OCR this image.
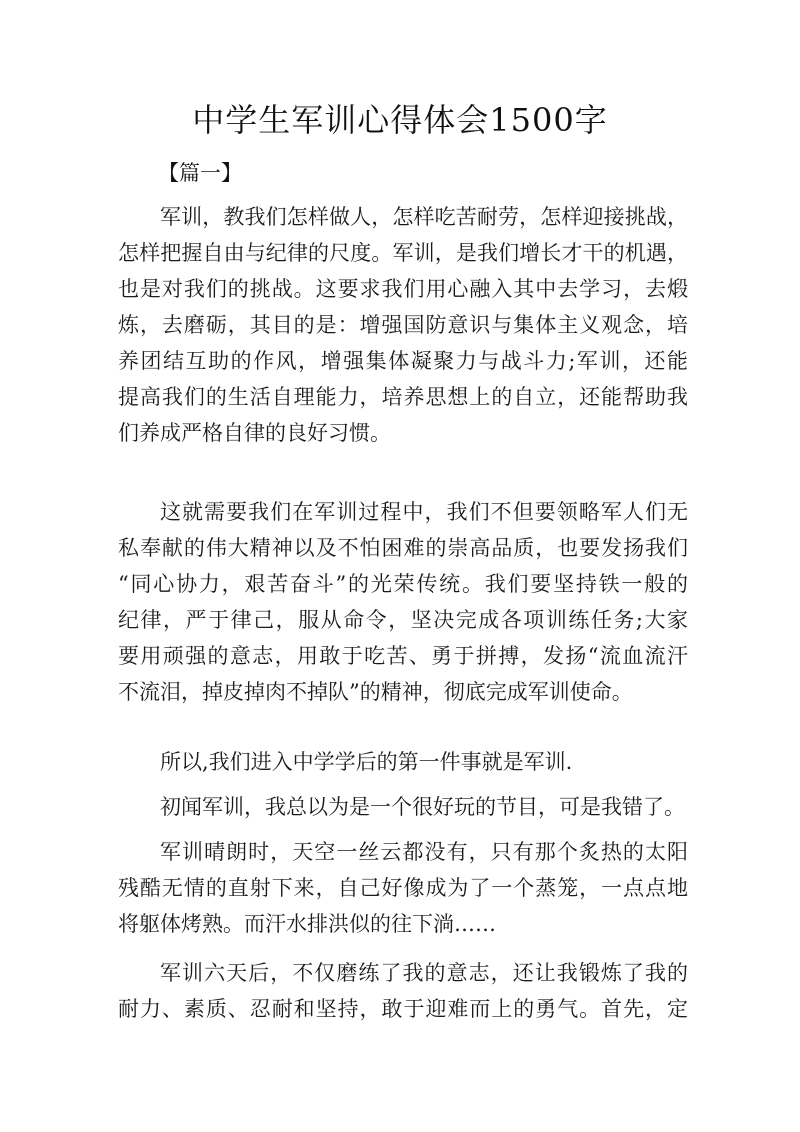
中学生军训心得体会1500字
【篇一】
军训，教我们怎样做人，怎样吃苦耐劳，怎样迎接挑战，
怎样把握自由与纪律的尺度。军训，是我们增长才干的机遇，
也是对我们的挑战。这要求我们用心融入其中去学习，去煅
炼，去磨砺，其目的是：增强国防意识与集体主义观念，培
养团结互助的作风，增强集体凝聚力与战斗力;军训，还能
提高我们的生活自理能力，培养思想上的自立，还能帮助我
们养成严格自律的良好习惯。
这就需要我们在军训过程中，我们不但要领略军人们无
私奉献的伟大精神以及不怕困难的崇高品质，也要发扬我们
“同心协力，艰苦奋斗”的光荣传统。我们要坚持铁一般的
纪律，严于律己，服从命令，坚决完成各项训练任务;大家
要用顽强的意志，用敢于吃苦、勇于拼搏，发扬“流血流汗
不流泪，掉皮掉肉不掉队”的精神，彻底完成军训使命。
所以,我们进入中学学后的第一件事就是军训.
初闻军训，我总以为是一个很好玩的节目，可是我错了。
军训晴朗时，天空一丝云都没有，只有那个炙热的太阳
残酷无情的直射下来，自己好像成为了一个蒸笼，一点点地
将躯体烤熟。而汗水排洪似的往下淌……
军训六天后，不仅磨练了我的意志，还让我锻炼了我的
耐力、素质、忍耐和坚持，敢于迎难而上的勇气。首先，定
